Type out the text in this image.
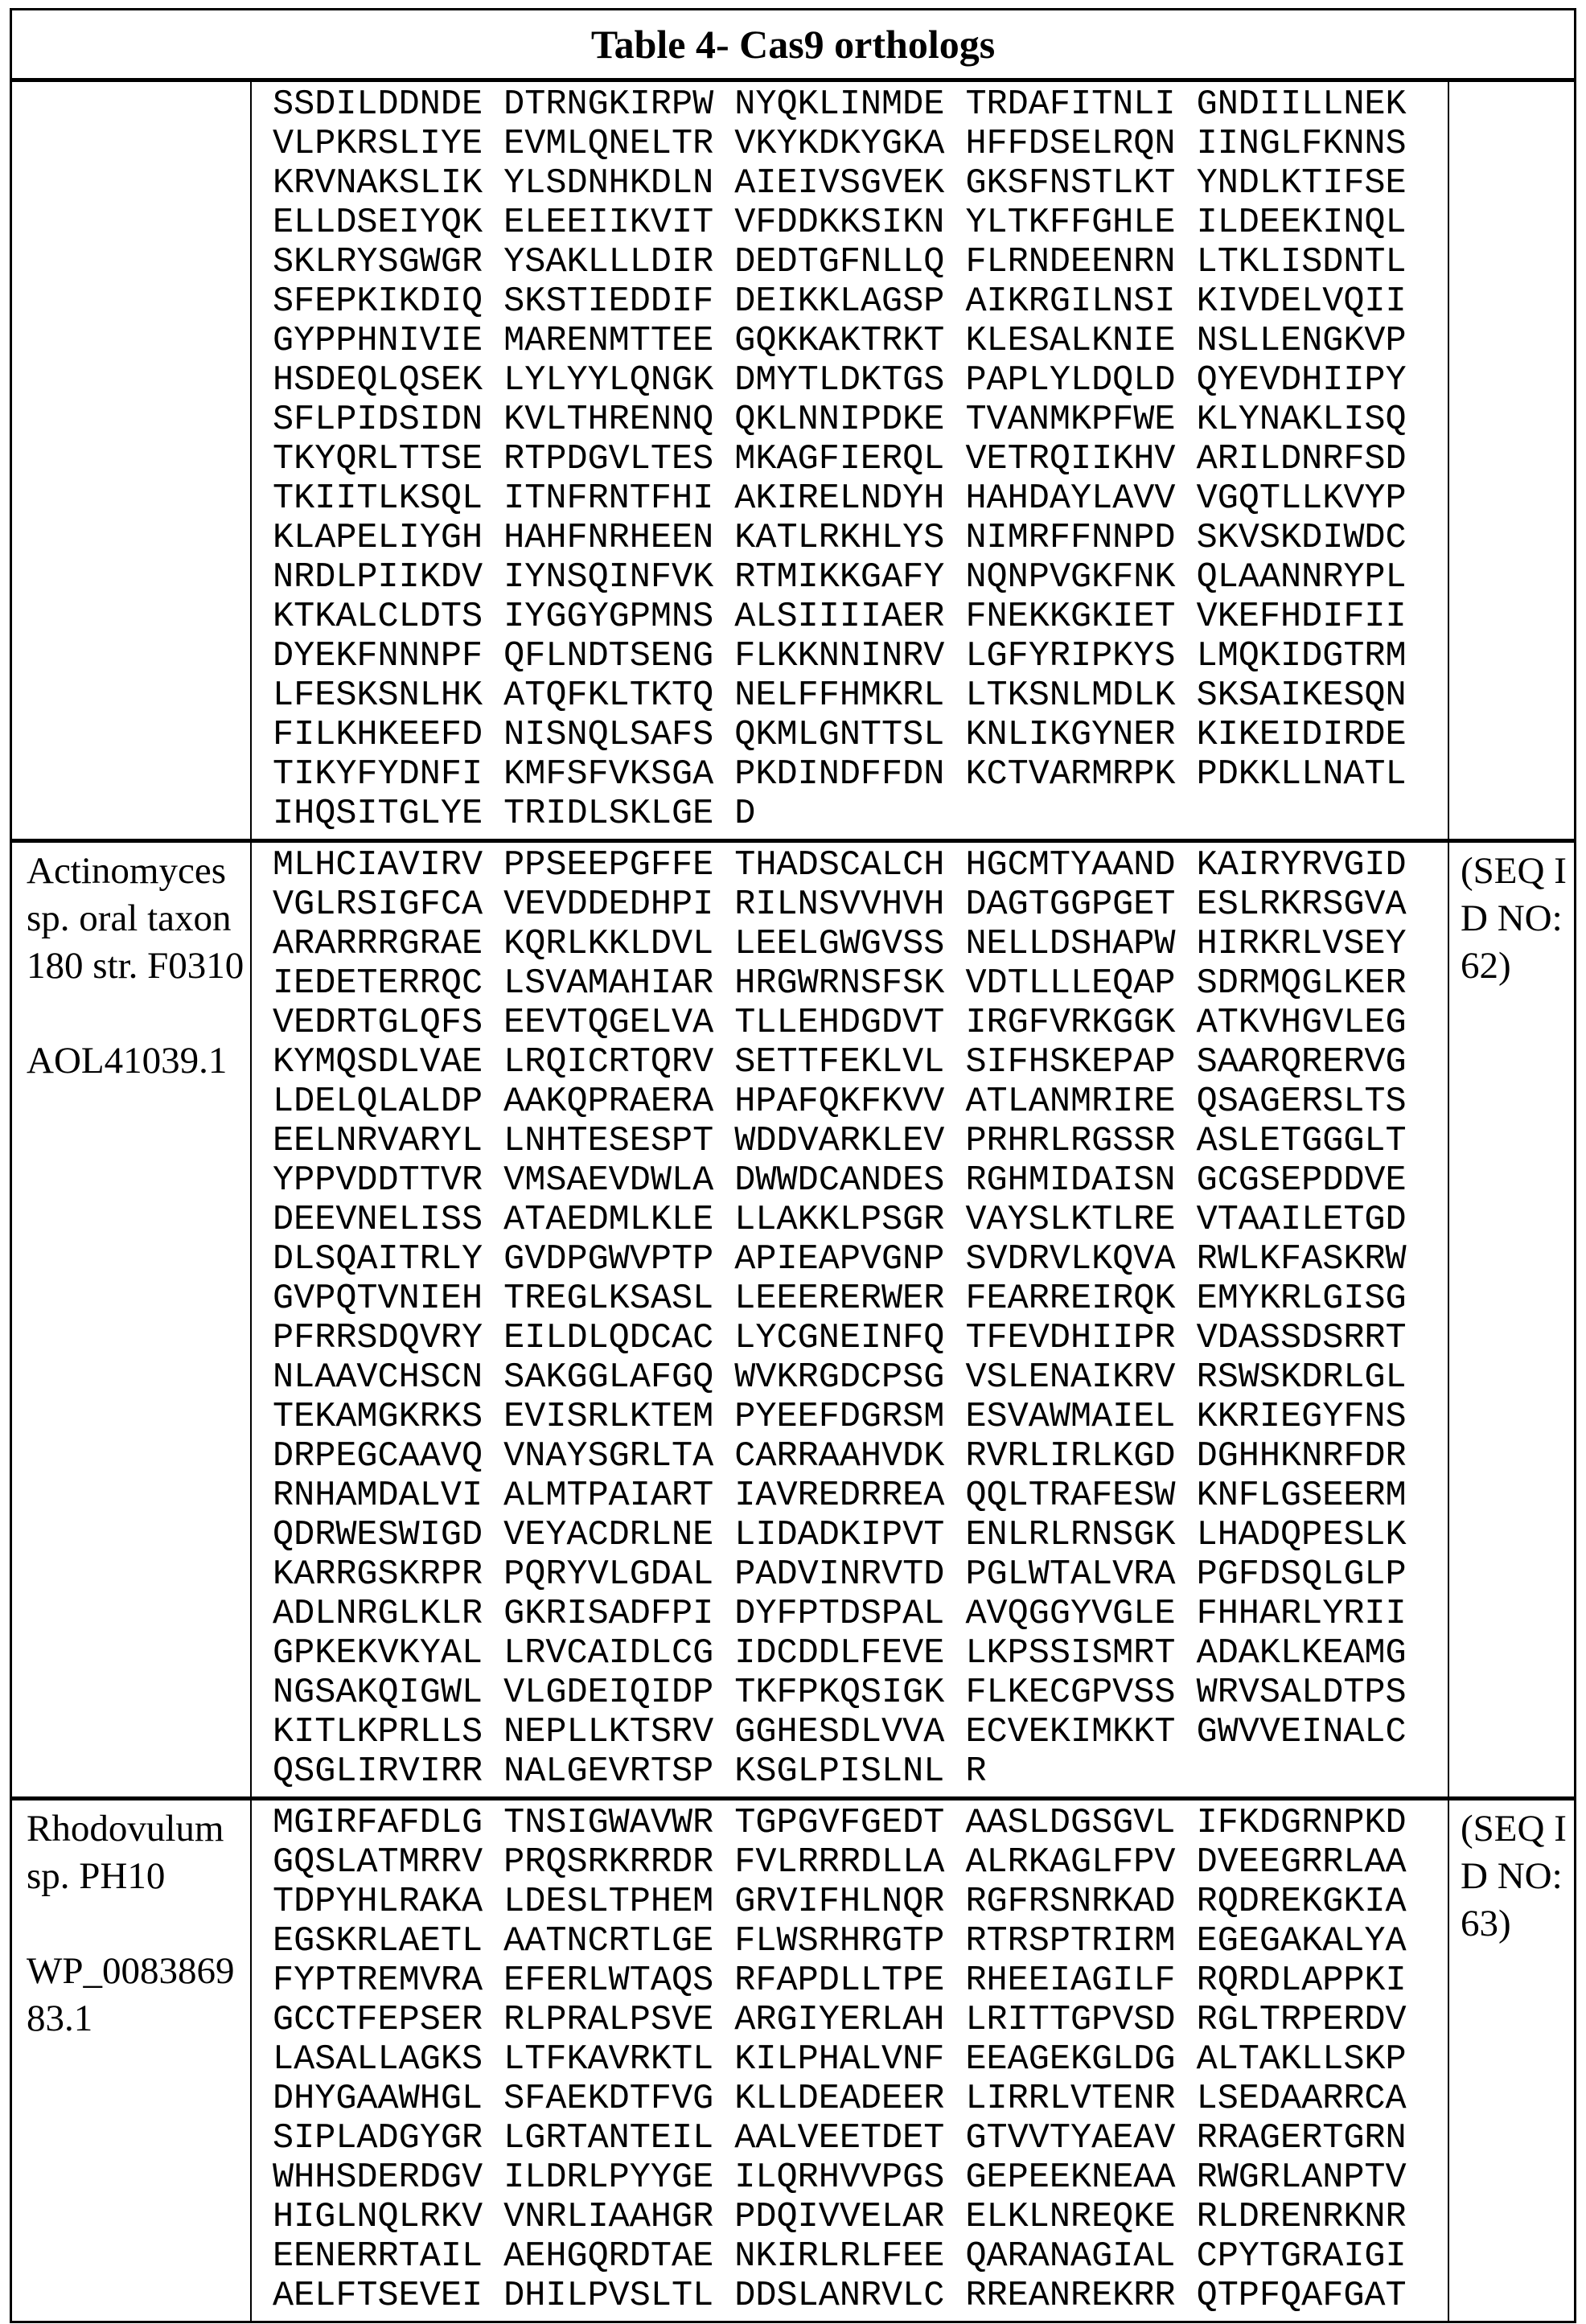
Table 4- Cas9 orthologs
SSDILDDNDE DTRNGKIRPW NYQKLINMDE TRDAFITNLI GNDIILLNEK
VLPKRSLIYE EVMLQNELTR VKYKDKYGKA HFFDSELRQN IINGLFKNNS
KRVNAKSLIK YLSDNHKDLN AIEIVSGVEK GKSFNSTLKT YNDLKTIFSE
ELLDSEIYQK ELEEIIKVIT VFDDKKSIKN YLTKFFGHLE ILDEEKINQL
SKLRYSGWGR YSAKLLLDIR DEDTGFNLLQ FLRNDEENRN LTKLISDNTL
SFEPKIKDIQ SKSTIEDDIF DEIKKLAGSP AIKRGILNSI KIVDELVQII
GYPPHNIVIE MARENMTTEE GQKKAKTRKT KLESALKNIE NSLLENGKVP
HSDEQLQSEK LYLYYLQNGK DMYTLDKTGS PAPLYLDQLD QYEVDHIIPY
SFLPIDSIDN KVLTHRENNQ QKLNNIPDKE TVANMKPFWE KLYNAKLISQ
TKYQRLTTSE RTPDGVLTES MKAGFIERQL VETRQIIKHV ARILDNRFSD
TKIITLKSQL ITNFRNTFHI AKIRELNDYH HAHDAYLAVV VGQTLLKVYP
KLAPELIYGH HAHFNRHEEN KATLRKHLYS NIMRFFNNPD SKVSKDIWDC
NRDLPIIKDV IYNSQINFVK RTMIKKGAFY NQNPVGKFNK QLAANNRYPL
KTKALCLDTS IYGGYGPMNS ALSIIIIAER FNEKKGKIET VKEFHDIFII
DYEKFNNNPF QFLNDTSENG FLKKNNINRV LGFYRIPKYS LMQKIDGTRM
LFESKSNLHK ATQFKLTKTQ NELFFHMKRL LTKSNLMDLK SKSAIKESQN
FILKHKEEFD NISNQLSAFS QKMLGNTTSL KNLIKGYNER KIKEIDIRDE
TIKYFYDNFI KMFSFVKSGA PKDINDFFDN KCTVARMRPK PDKKLLNATL
IHQSITGLYE TRIDLSKLGE D
Actinomyces sp. oral taxon 180 str. F0310
AOL41039.1
MLHCIAVIRV PPSEEPGFFE THADSCALCH HGCMTYAAND KAIRYRVGID
VGLRSIGFCA VEVDDEDHPI RILNSVVHVH DAGTGGPGET ESLRKRSGVA
ARARRRGRAE KQRLKKLDVL LEELGWGVSS NELLDSHAPW HIRKRLVSEY
IEDETERRQC LSVAMAHIAR HRGWRNSFSK VDTLLLEQAP SDRMQGLKER
VEDRTGLQFS EEVTQGELVA TLLEHDGDVT IRGFVRKGGK ATKVHGVLEG
KYMQSDLVAE LRQICRTQRV SETTFEKLVL SIFHSKEPAP SAARQRERVG
LDELQLALDP AAKQPRAERA HPAFQKFKVV ATLANMRIRE QSAGERSLTS
EELNRVARYL LNHTESESPT WDDVARKLEV PRHRLRGSSR ASLETGGGLT
YPPVDDTTVR VMSAEVDWLA DWWDCANDES RGHMIDAISN GCGSEPDDVE
DEEVNELISS ATAEDMLKLE LLAKKLPSGR VAYSLKTLRE VTAAILETGD
DLSQAITRLY GVDPGWVPTP APIEAPVGNP SVDRVLKQVA RWLKFASKRW
GVPQTVNIEH TREGLKSASL LEEERERWER FEARREIRQK EMYKRLGISG
PFRRSDQVRY EILDLQDCAC LYCGNEINFQ TFEVDHIIPR VDASSDSRRT
NLAAVCHSCN SAKGGLAFGQ WVKRGDCPSG VSLENAIKRV RSWSKDRLGL
TEKAMGKRKS EVISRLKTEM PYEEFDGRSM ESVAWMAIEL KKRIEGYFNS
DRPEGCAAVQ VNAYSGRLTA CARRAAHVDK RVRLIRLKGD DGHHKNRFDR
RNHAMDALVI ALMTPAIART IAVREDRREA QQLTRAFESW KNFLGSEERM
QDRWESWIGD VEYACDRLNE LIDADKIPVT ENLRLRNSGK LHADQPESLK
KARRGSKRPR PQRYVLGDAL PADVINRVTD PGLWTALVRA PGFDSQLGLP
ADLNRGLKLR GKRISADFPI DYFPTDSPAL AVQGGYVGLE FHHARLYRII
GPKEKVKYAL LRVCAIDLCG IDCDDLFEVE LKPSSISMRT ADAKLKEAMG
NGSAKQIGWL VLGDEIQIDP TKFPKQSIGK FLKECGPVSS WRVSALDTPS
KITLKPRLLS NEPLLKTSRV GGHESDLVVA ECVEKIMKKT GWVVEINALC
QSGLIRVIRR NALGEVRTSP KSGLPISLNL R
(SEQ ID NO: 62)
Rhodovulum sp. PH10
WP_008386983.1
MGIRFAFDLG TNSIGWAVWR TGPGVFGEDT AASLDGSGVL IFKDGRNPKD
GQSLATMRRV PRQSRKRRDR FVLRRRDLLA ALRKAGLFPV DVEEGRRLAA
TDPYHLRAKA LDESLTPHEM GRVIFHLNQR RGFRSNRKAD RQDREKGKIA
EGSKRLAETL AATNCRTLGE FLWSRHRGTP RTRSPTRIRM EGEGAKALYA
FYPTREMVRA EFERLWTAQS RFAPDLLTPE RHEEIAGILF RQRDLAPPKI
GCCTFEPSER RLPRALPSVE ARGIYERLAH LRITTGPVSD RGLTRPERDV
LASALLAGKS LTFKAVRKTL KILPHALVNF EEAGEKGLDG ALTAKLLSKP
DHYGAAWHGL SFAEKDTFVG KLLDEADEER LIRRLVTENR LSEDAARRCA
SIPLADGYGR LGRTANTEIL AALVEETDET GTVVTYAEAV RRAGERTGRN
WHHSDERDGV ILDRLPYYGE ILQRHVVPGS GEPEEKNEAA RWGRLANPTV
HIGLNQLRKV VNRLIAAHGR PDQIVVELAR ELKLNREQKE RLDRENRKNR
EENERRTAIL AEHGQRDTAE NKIRLRLFEE QARANAGIAL CPYTGRAIGI
AELFTSEVEI DHILPVSLTL DDSLANRVLC RREANREKRR QTPFQAFGAT
(SEQ ID NO: 63)
